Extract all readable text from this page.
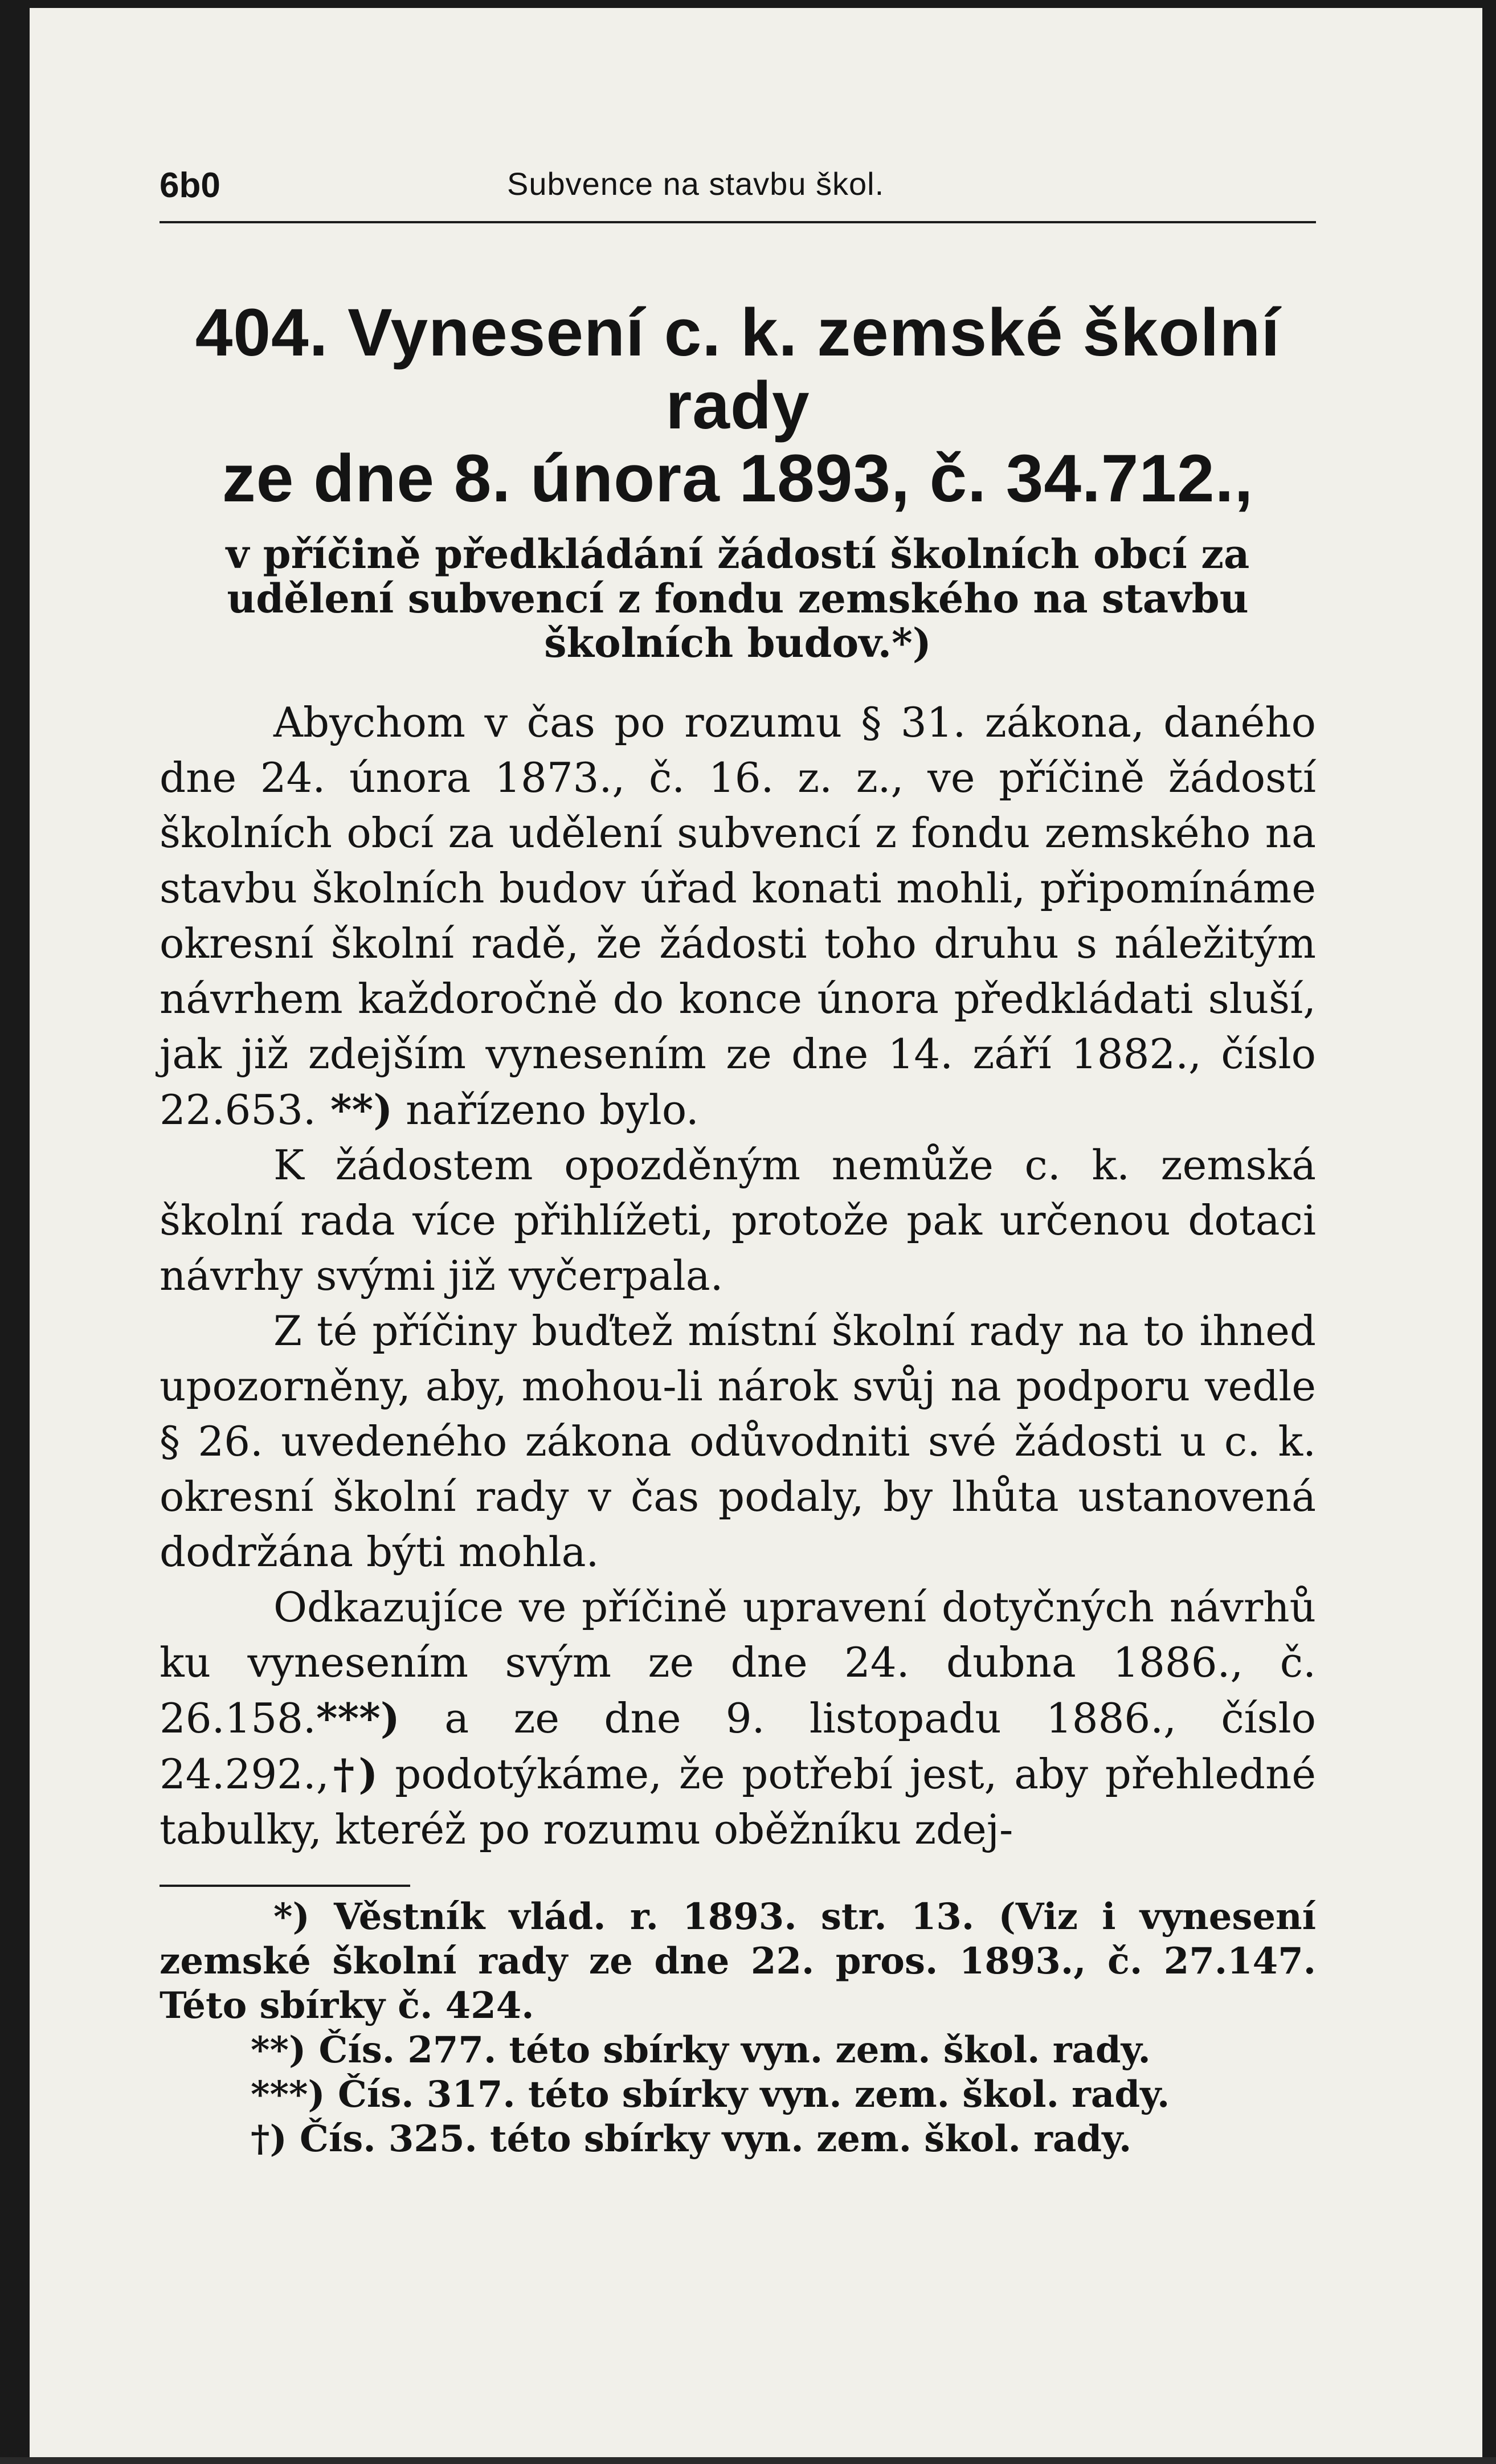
6b0	Subvence na stavbu škol.
404. Vynesení c. k. zemské školní rady
ze dne 8. února 1893, č. 34.712.,
v příčině předkládání žádostí školních obcí za
udělení subvencí z fondu zemského na stavbu
školních budov.*)

Abychom v čas po rozumu § 31. zákona, daného dne 24. února 1873., č. 16. z. z., ve příčině žádostí školních obcí za udělení subvencí z fondu zemského na stavbu školních budov úřad konati mohli, připomínáme okresní školní radě, že žádosti toho druhu s náležitým návrhem každoročně do konce února předkládati sluší, jak již zdejším vynesením ze dne 14. září 1882., číslo 22.653. **) nařízeno bylo.

K žádostem opozděným nemůže c. k. zemská školní rada více přihlížeti, protože pak určenou dotaci návrhy svými již vyčerpala.

Z té příčiny buďtež místní školní rady na to ihned upozorněny, aby, mohou-li nárok svůj na podporu vedle § 26. uvedeného zákona odůvodniti své žádosti u c. k. okresní školní rady v čas podaly, by lhůta ustanovená dodržána býti mohla.

Odkazujíce ve příčině upravení dotyčných návrhů ku vynesením svým ze dne 24. dubna 1886., č. 26.158.***) a ze dne 9. listopadu 1886., číslo 24.292.,†) podotýkáme, že potřebí jest, aby přehledné tabulky, kteréž po rozumu oběžníku zdej-

*) Věstník vlád. r. 1893. str. 13. (Viz i vynesení zemské školní rady ze dne 22. pros. 1893., č. 27.147. Této sbírky č. 424.

**) Čís. 277. této sbírky vyn. zem. škol. rady.

***) Čís. 317. této sbírky vyn. zem. škol. rady.

†) Čís. 325. této sbírky vyn. zem. škol. rady.
